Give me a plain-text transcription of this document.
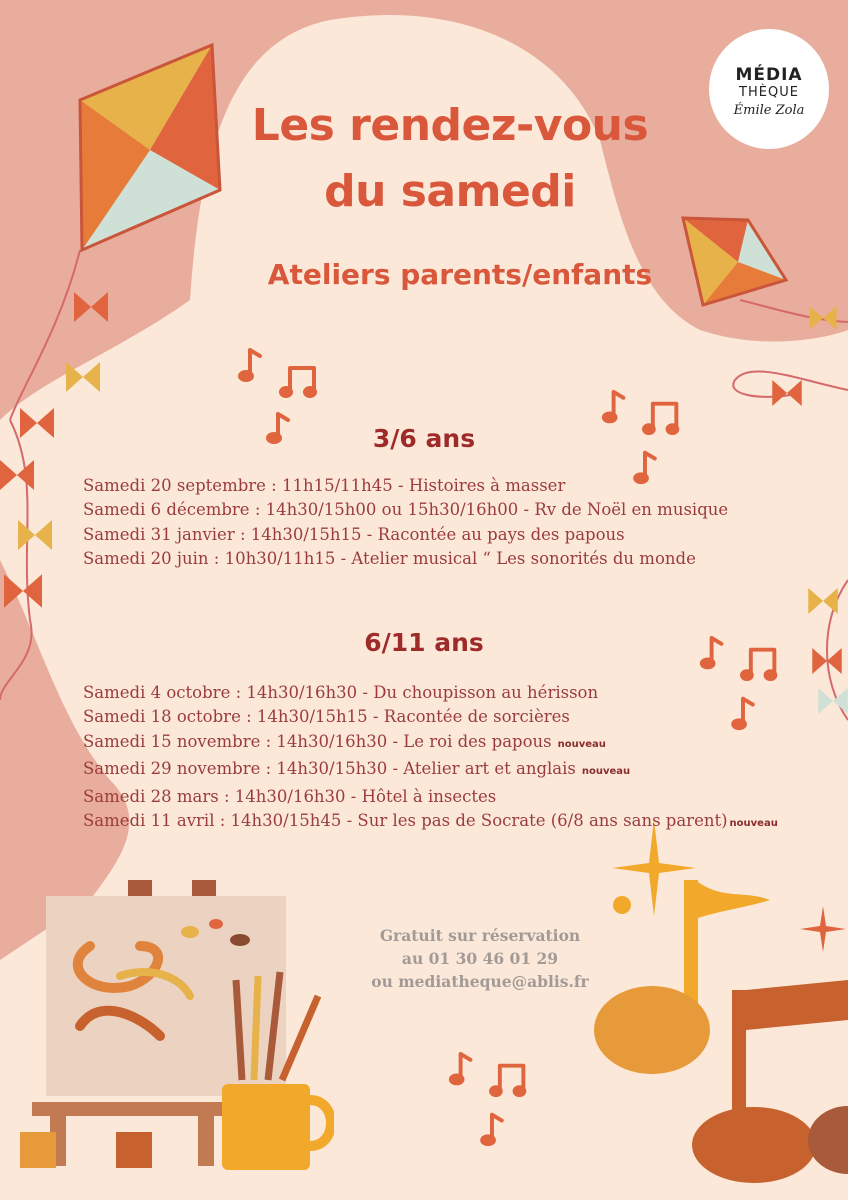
MÉDIA
THÈQUE
Émile Zola
Les rendez-vous
du samedi
Ateliers parents/enfants
3/6 ans
Samedi 20 septembre : 11h15/11h45 - Histoires à masser
Samedi 6 décembre : 14h30/15h00 ou 15h30/16h00 - Rv de Noël en musique
Samedi 31 janvier : 14h30/15h15 - Racontée au pays des papous
Samedi 20 juin : 10h30/11h15 - Atelier musical “ Les sonorités du monde
6/11 ans
Samedi 4 octobre : 14h30/16h30 - Du choupisson au hérisson
Samedi 18 octobre : 14h30/15h15 - Racontée de sorcières
Samedi 15 novembre : 14h30/16h30 - Le roi des papous nouveau
Samedi 29 novembre : 14h30/15h30 - Atelier art et anglais nouveau
Samedi 28 mars : 14h30/16h30 - Hôtel à insectes
Samedi 11 avril : 14h30/15h45 - Sur les pas de Socrate (6/8 ans sans parent) nouveau
Gratuit sur réservation
au 01 30 46 01 29
ou mediatheque@ablis.fr
